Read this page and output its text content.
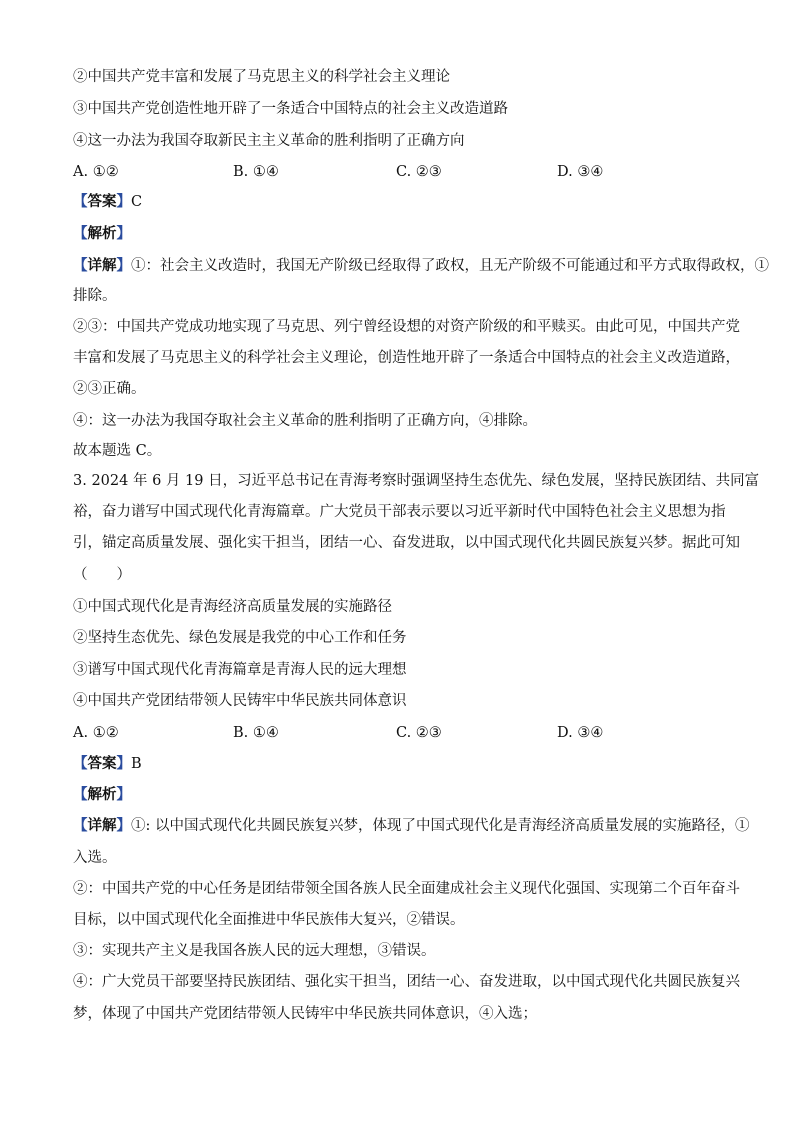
②中国共产党丰富和发展了马克思主义的科学社会主义理论
③中国共产党创造性地开辟了一条适合中国特点的社会主义改造道路
④这一办法为我国夺取新民主主义革命的胜利指明了正确方向
A. ①②	B. ①④	C. ②③	D. ③④
【答案】C
【解析】
【详解】①：社会主义改造时，我国无产阶级已经取得了政权，且无产阶级不可能通过和平方式取得政权，①
排除。
②③：中国共产党成功地实现了马克思、列宁曾经设想的对资产阶级的和平赎买。由此可见，中国共产党
丰富和发展了马克思主义的科学社会主义理论，创造性地开辟了一条适合中国特点的社会主义改造道路，
②③正确。
④：这一办法为我国夺取社会主义革命的胜利指明了正确方向，④排除。
故本题选 C。
3. 2024 年 6 月 19 日，习近平总书记在青海考察时强调坚持生态优先、绿色发展，坚持民族团结、共同富
裕，奋力谱写中国式现代化青海篇章。广大党员干部表示要以习近平新时代中国特色社会主义思想为指
引，锚定高质量发展、强化实干担当，团结一心、奋发进取，以中国式现代化共圆民族复兴梦。据此可知
（　　）
①中国式现代化是青海经济高质量发展的实施路径
②坚持生态优先、绿色发展是我党的中心工作和任务
③谱写中国式现代化青海篇章是青海人民的远大理想
④中国共产党团结带领人民铸牢中华民族共同体意识
A. ①②	B. ①④	C. ②③	D. ③④
【答案】B
【解析】
【详解】①: 以中国式现代化共圆民族复兴梦，体现了中国式现代化是青海经济高质量发展的实施路径，①
入选。
②：中国共产党的中心任务是团结带领全国各族人民全面建成社会主义现代化强国、实现第二个百年奋斗
目标，以中国式现代化全面推进中华民族伟大复兴，②错误。
③：实现共产主义是我国各族人民的远大理想，③错误。
④：广大党员干部要坚持民族团结、强化实干担当，团结一心、奋发进取，以中国式现代化共圆民族复兴
梦，体现了中国共产党团结带领人民铸牢中华民族共同体意识，④入选；
